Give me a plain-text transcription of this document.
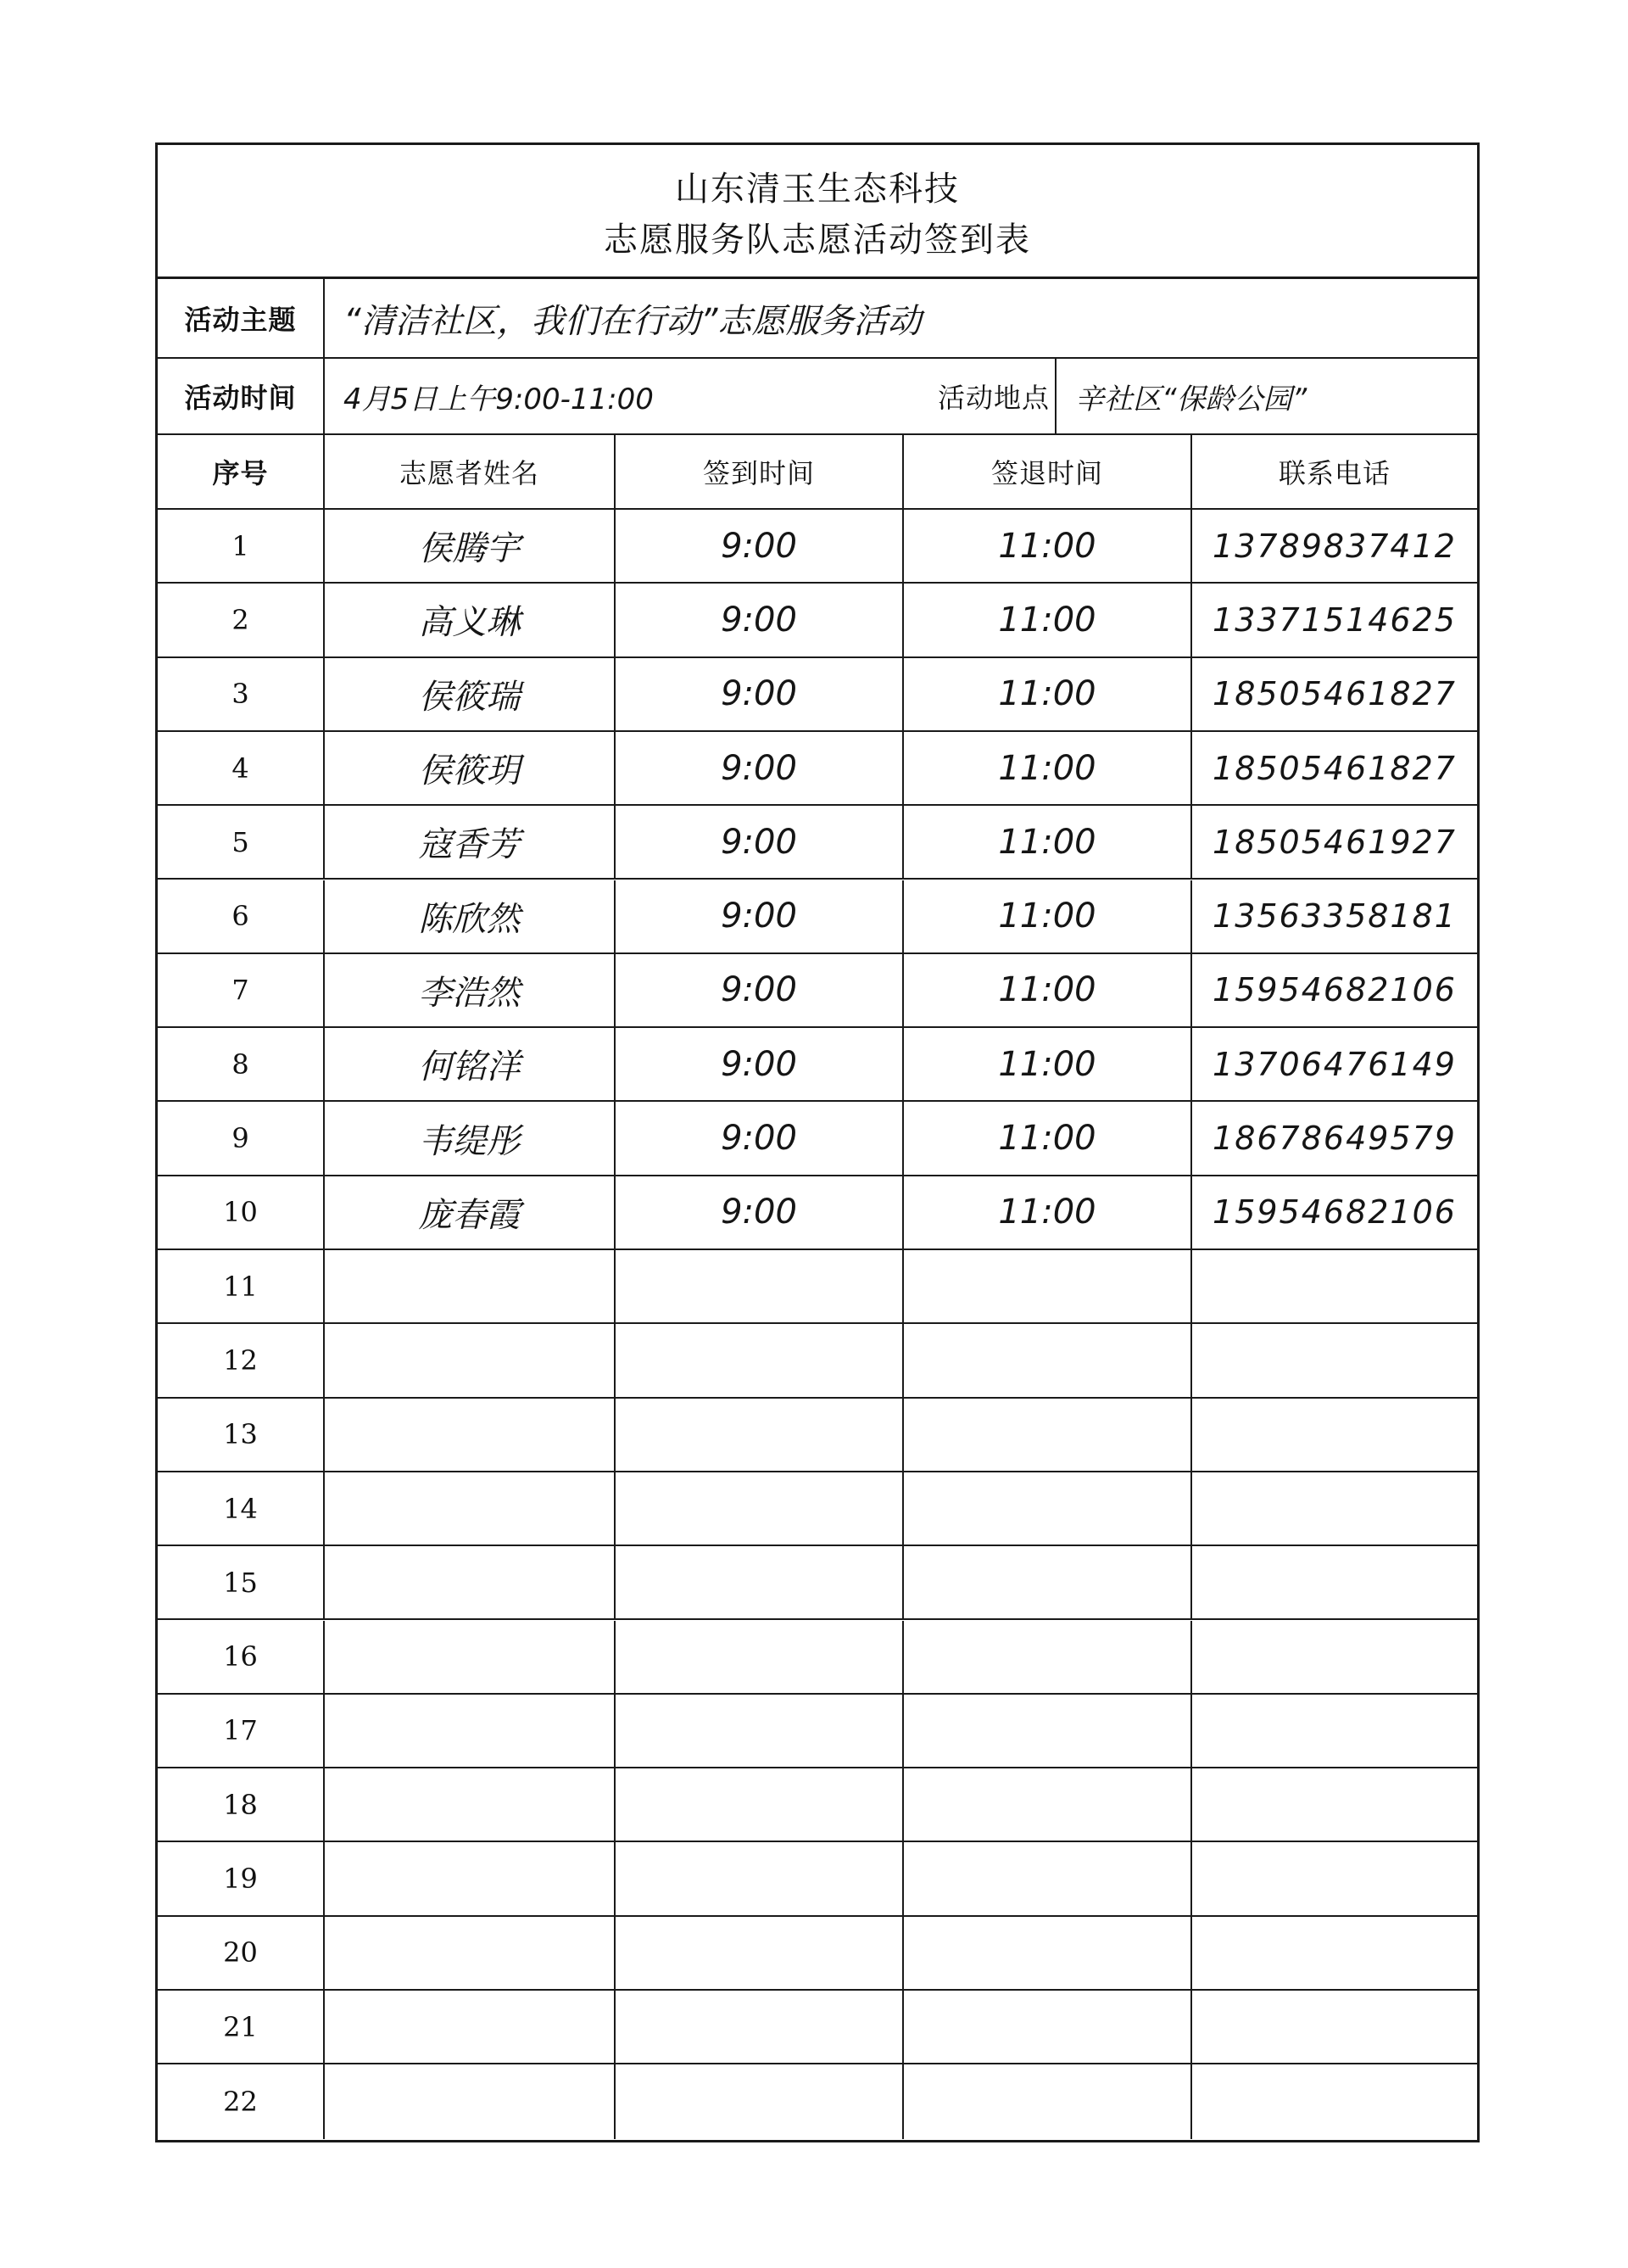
山东清玉生态科技
志愿服务队志愿活动签到表
活动主题 “清洁社区，我们在行动”志愿服务活动
活动时间 4月5日上午9:00-11:00	活动地点 辛社区“保龄公园”
序号	志愿者姓名	签到时间	签退时间	联系电话
1	侯腾宇	9:00	11:00	13789837412
2	高义琳	9:00	11:00	13371514625
3	侯筱瑞	9:00	11:00	18505461827
4	侯筱玥	9:00	11:00	18505461827
5	寇香芳	9:00	11:00	18505461927
6	陈欣然	9:00	11:00	13563358181
7	李浩然	9:00	11:00	15954682106
8	何铭洋	9:00	11:00	13706476149
9	韦缇彤	9:00	11:00	18678649579
10	庞春霞	9:00	11:00	15954682106
11
12
13
14
15
16
17
18
19
20
21
22
